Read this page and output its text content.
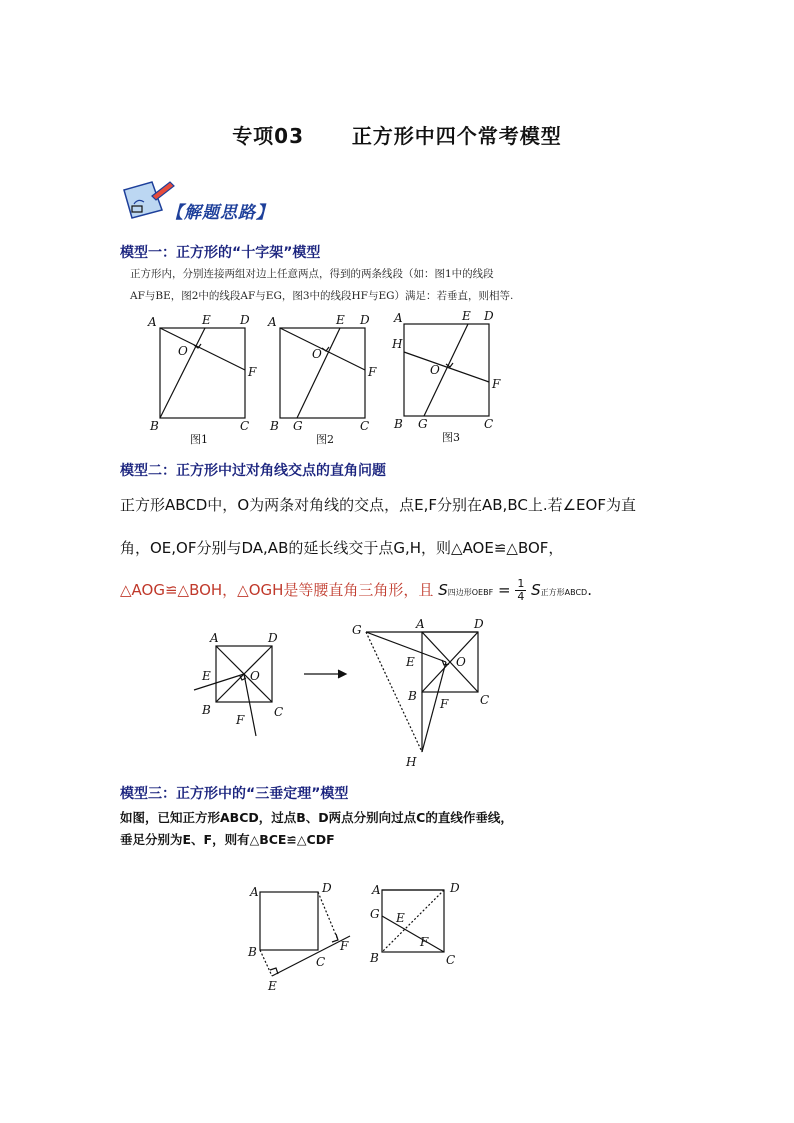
专项03 正方形中四个常考模型
【解题思路】
模型一：正方形的“十字架”模型
正方形内，分别连接两组对边上任意两点，得到的两条线段（如：图1中的线段
AF与BE，图2中的线段AF与EG，图3中的线段HF与EG）满足：若垂直，则相等.
A	E D
O
F
B	C
图1
A	E D
O
F
B G	C
图2
A	E D
H
O
F
B G	C
图3
模型二：正方形中过对角线交点的直角问题
正方形ABCD中，O为两条对角线的交点，点E,F分别在AB,BC上.若∠EOF为直
角，OE,OF分别与DA,AB的延长线交于点G,H，则△AOE≌△BOF，
△AOG≌△BOH，△OGH是等腰直角三角形，且 S四边形OEBF = $\frac{1}{4}$ S正方形ABCD.
A	D
E	O
B
F
C
G	A	D
E	O
B
F	C
H
模型三：正方形中的“三垂定理”模型
如图，已知正方形ABCD，过点B、D两点分别向过点C的直线作垂线，
垂足分别为E、F，则有△BCE≌△CDF
A	D
B
C
F
E
A	D
G E
F
B	C
